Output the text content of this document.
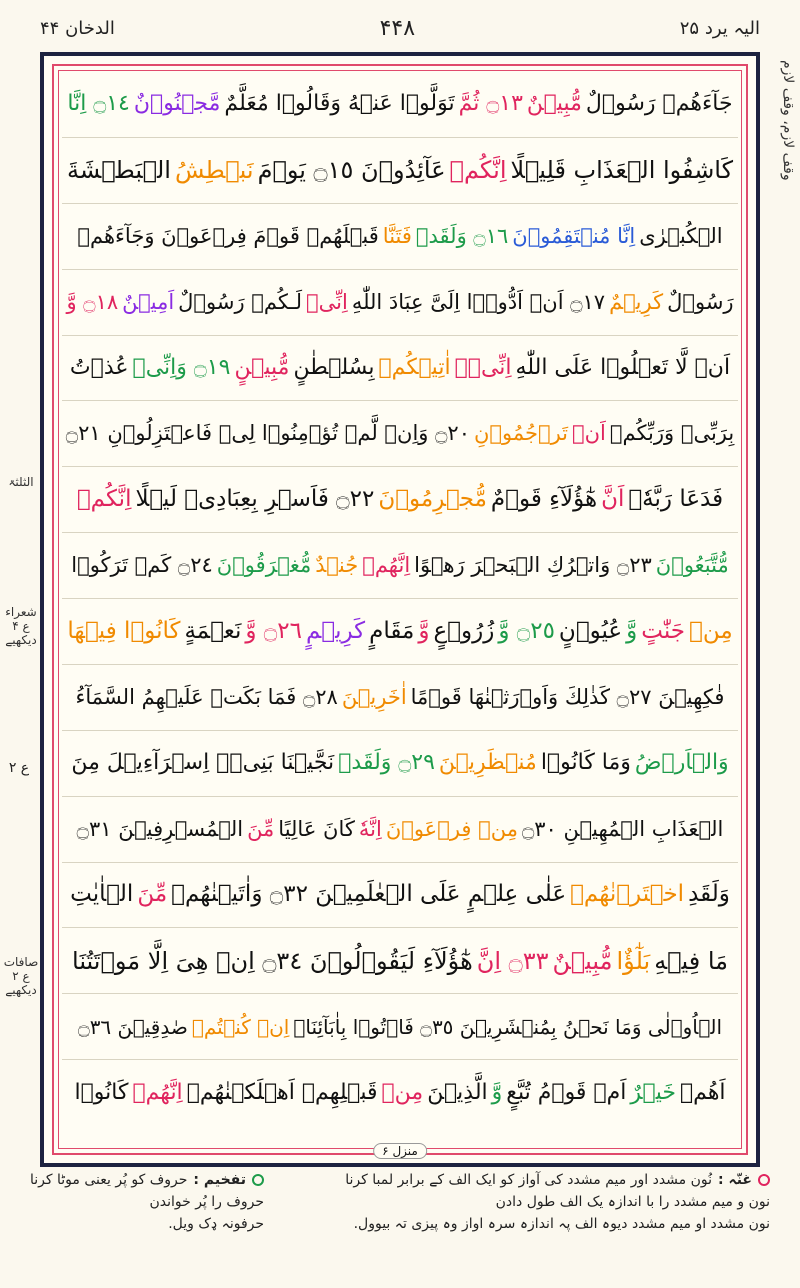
الدخان ۴۴	۴۴۸	الیہ یرد ۲۵
وقف لازم، وقف لازم
الثلثۃ
شعراء ع ۴ دیکھیے
ع ۲
صافات ع ۲ دیکھیے
جَآءَهُمۡ رَسُوۡلٌ
مُّبِيۡنٌ
۝١٣ ثُمَّ
تَوَلَّوۡا عَنۡهُ وَقَالُوۡا مُعَلَّمٌ
مَّجۡنُوۡنٌ
۝١٤ اِنَّا
كَاشِفُوا الۡعَذَابِ قَلِيۡلًا
اِنَّكُمۡ
عَآئِدُوۡنَ ۝١٥ يَوۡمَ
نَبۡطِشُ
الۡبَطۡشَةَ
الۡكُبۡرٰى
اِنَّا مُنۡتَقِمُوۡنَ
۝١٦ وَلَقَدۡ
فَتَنَّا
قَبۡلَهُمۡ قَوۡمَ فِرۡعَوۡنَ وَجَآءَهُمۡ
رَسُوۡلٌ
كَرِيۡمٌ
۝١٧ اَنۡ اَدُّوۡۤا اِلَىَّ عِبَادَ اللّٰهِ
اِنِّىۡ
لَـكُمۡ رَسُوۡلٌ
اَمِيۡنٌ
۝١٨ وَّ
اَنۡ لَّا تَعۡلُوۡا عَلَى اللّٰهِ
اِنِّىۡۤ
اٰتِيۡكُمۡ
بِسُلۡطٰنٍ
مُّبِيۡنٍ
۝١٩ وَاِنِّىۡ
عُذۡتُ
بِرَبِّىۡ وَرَبِّكُمۡ
اَنۡ
تَرۡجُمُوۡنِ
۝٢٠ وَاِنۡ لَّمۡ تُؤۡمِنُوۡا لِىۡ فَاعۡتَزِلُوۡنِ ۝٢١
فَدَعَا رَبَّهٗۤ
اَنَّ
هٰٓؤُلَآءِ قَوۡمٌ
مُّجۡرِمُوۡنَ
۝٢٢ فَاَسۡرِ بِعِبَادِىۡ لَيۡلًا
اِنَّكُمۡ
مُّتَّبَعُوۡنَ
۝٢٣ وَاتۡرُكِ الۡبَحۡرَ رَهۡوًا
اِنَّهُمۡ
جُنۡدٌ
مُّغۡرَقُوۡنَ
۝٢٤ كَمۡ تَرَكُوۡا
مِنۡ
جَنّٰتٍ
وَّ
عُيُوۡنٍ
۝٢٥ وَّ
زُرُوۡعٍ
وَّ
مَقَامٍ
كَرِيۡمٍ
۝٢٦ وَّ
نَعۡمَةٍ
كَانُوۡا فِيۡهَا
فٰكِهِيۡنَ ۝٢٧ كَذٰلِكَ وَاَوۡرَثۡنٰهَا قَوۡمًا
اٰخَرِيۡنَ
۝٢٨ فَمَا بَكَتۡ عَلَيۡهِمُ السَّمَآءُ
وَالۡاَرۡضُ
وَمَا كَانُوۡا
مُنۡظَرِيۡنَ
۝٢٩ وَلَقَدۡ
نَجَّيۡنَا بَنِىۡۤ اِسۡرَآءِيۡلَ مِنَ
الۡعَذَابِ الۡمُهِيۡنِ ۝٣٠
مِنۡ فِرۡعَوۡنَ
اِنَّهٗ
كَانَ عَالِيًا
مِّنَ
الۡمُسۡرِفِيۡنَ ۝٣١
وَلَقَدِ
اخۡتَرۡنٰهُمۡ
عَلٰى عِلۡمٍ عَلَى الۡعٰلَمِيۡنَ ۝٣٢ وَاٰتَيۡنٰهُمۡ
مِّنَ
الۡاٰيٰتِ
مَا فِيۡهِ
بَلٰٓؤٌا
مُّبِيۡنٌ
۝٣٣ اِنَّ
هٰٓؤُلَآءِ لَيَقُوۡلُوۡنَ ۝٣٤ اِنۡ هِىَ اِلَّا مَوۡتَتُنَا
الۡاُوۡلٰى وَمَا نَحۡنُ بِمُنۡشَرِيۡنَ ۝٣٥ فَاۡتُوۡا بِاٰبَآئِنَاۤ
اِنۡ كُنۡتُمۡ
صٰدِقِيۡنَ ۝٣٦
اَهُمۡ
خَيۡرٌ
اَمۡ قَوۡمُ تُبَّعٍ
وَّ
الَّذِيۡنَ
مِنۡ
قَبۡلِهِمۡ اَهۡلَكۡنٰهُمۡ
اِنَّهُمۡ
كَانُوۡا
منزل ۶
غنّہ :
نُون مشدد اور میم مشدد کی آواز کو ایک الف کے برابر لمبا کرنا
نون و میم مشدد را با اندازہ یک الف طول دادن
نون مشدد او میم مشدد دیوہ الف پہ اندازہ سرہ اواز وہ پیزی تہ بیوول.
تفخیم :
حروف کو پُر یعنی موٹا کرنا
حروف را پُر خواندن
حرفونہ ډک ویل.
